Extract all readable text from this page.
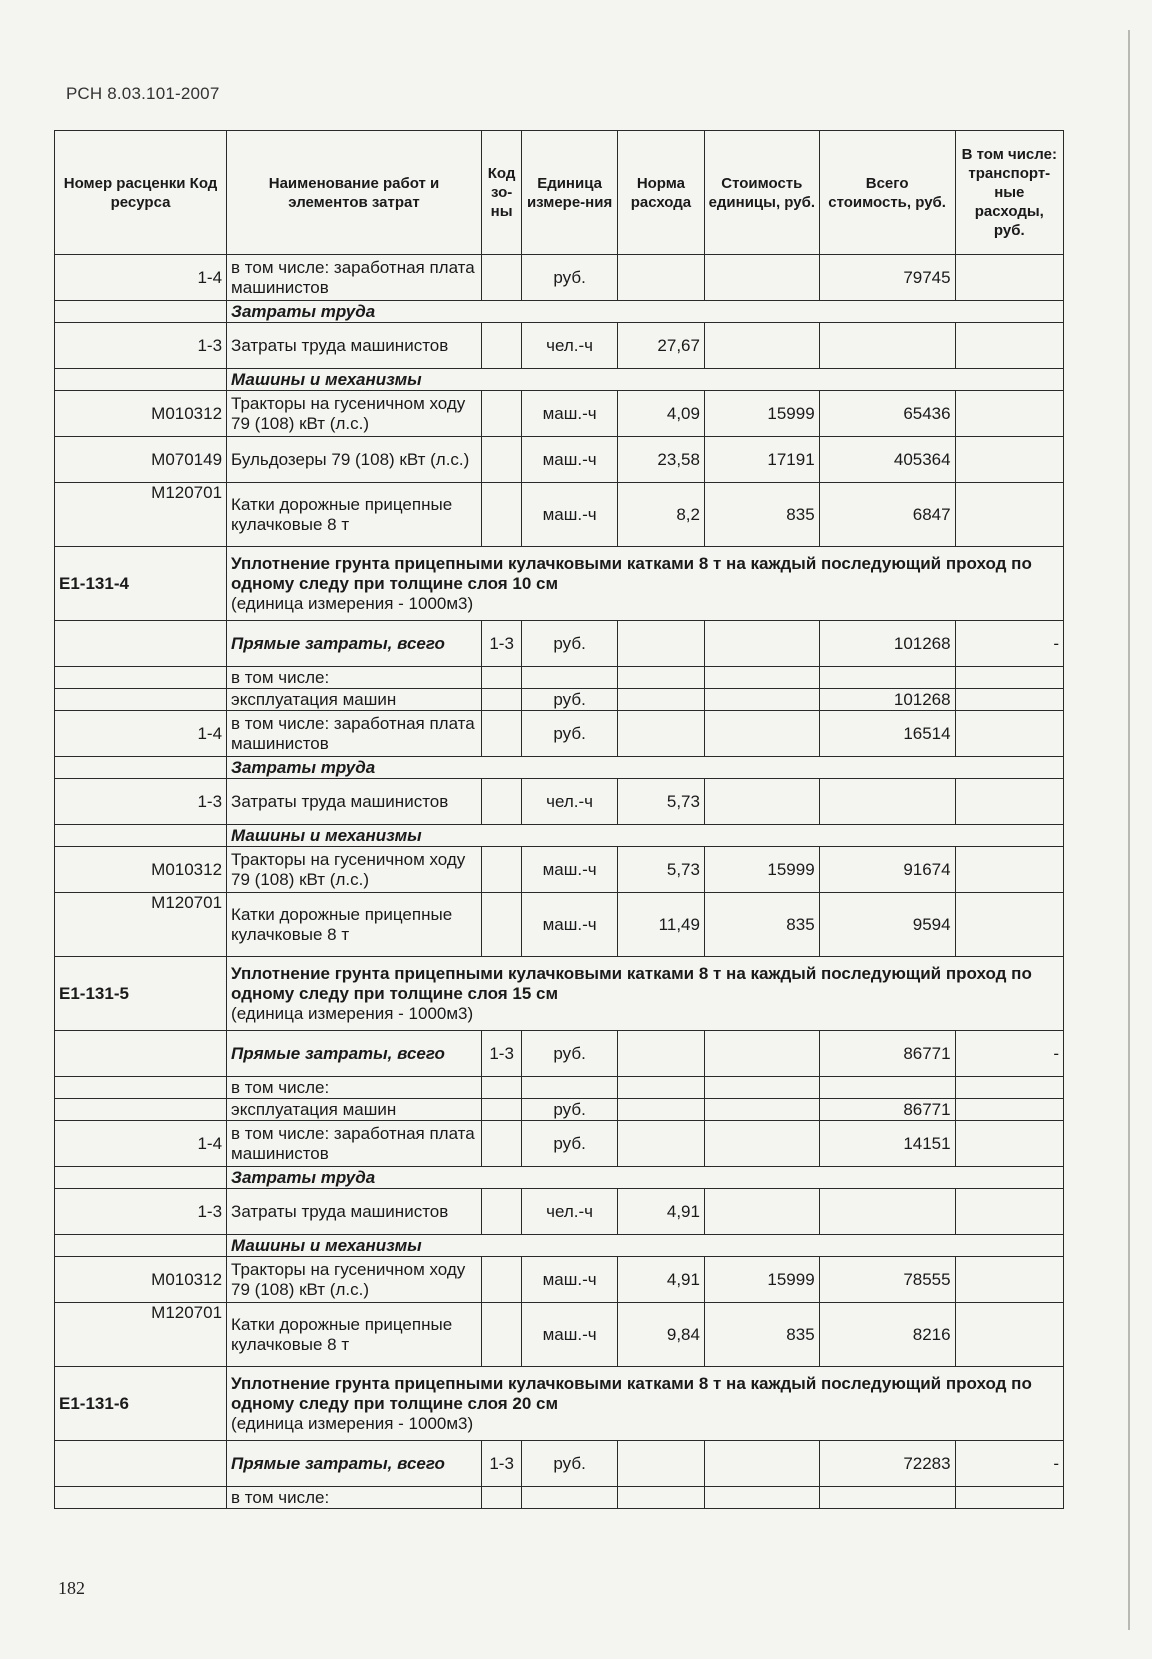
РСН 8.03.101-2007
Номер расценки Код ресурса	Наименование работ и элементов затрат	Код зо-ны	Единица измере-ния	Норма расхода	Стоимость единицы, руб.	Всего стоимость, руб.	В том числе: транспорт-ные расходы, руб.
1-4	в том числе: заработная плата машинистов		руб.			79745	
	Затраты труда						
1-3	Затраты труда машинистов		чел.-ч	27,67			
	Машины и механизмы						
М010312	Тракторы на гусеничном ходу 79 (108) кВт (л.с.)		маш.-ч	4,09	15999	65436	
М070149	Бульдозеры 79 (108) кВт (л.с.)		маш.-ч	23,58	17191	405364	
М120701	Катки дорожные прицепные кулачковые 8 т		маш.-ч	8,2	835	6847	
Е1-131-4	Уплотнение грунта прицепными кулачковыми катками 8 т на каждый последующий проход по одному следу при толщине слоя 10 см
(единица измерения - 1000м3)						

	Прямые затраты, всего	1-3	руб.			101268	-
	в том числе:						
	эксплуатация машин		руб.			101268	
1-4	в том числе: заработная плата машинистов		руб.			16514	
	Затраты труда						
1-3	Затраты труда машинистов		чел.-ч	5,73			
	Машины и механизмы						
М010312	Тракторы на гусеничном ходу 79 (108) кВт (л.с.)		маш.-ч	5,73	15999	91674	
М120701	Катки дорожные прицепные кулачковые 8 т		маш.-ч	11,49	835	9594	
Е1-131-5	Уплотнение грунта прицепными кулачковыми катками 8 т на каждый последующий проход по одному следу при толщине слоя 15 см
(единица измерения - 1000м3)						

	Прямые затраты, всего	1-3	руб.			86771	-
	в том числе:						
	эксплуатация машин		руб.			86771	
1-4	в том числе: заработная плата машинистов		руб.			14151	
	Затраты труда						
1-3	Затраты труда машинистов		чел.-ч	4,91			
	Машины и механизмы						
М010312	Тракторы на гусеничном ходу 79 (108) кВт (л.с.)		маш.-ч	4,91	15999	78555	
М120701	Катки дорожные прицепные кулачковые 8 т		маш.-ч	9,84	835	8216	
Е1-131-6	Уплотнение грунта прицепными кулачковыми катками 8 т на каждый последующий проход по одному следу при толщине слоя 20 см
(единица измерения - 1000м3)						

	Прямые затраты, всего	1-3	руб.			72283	-
	в том числе:						
182
